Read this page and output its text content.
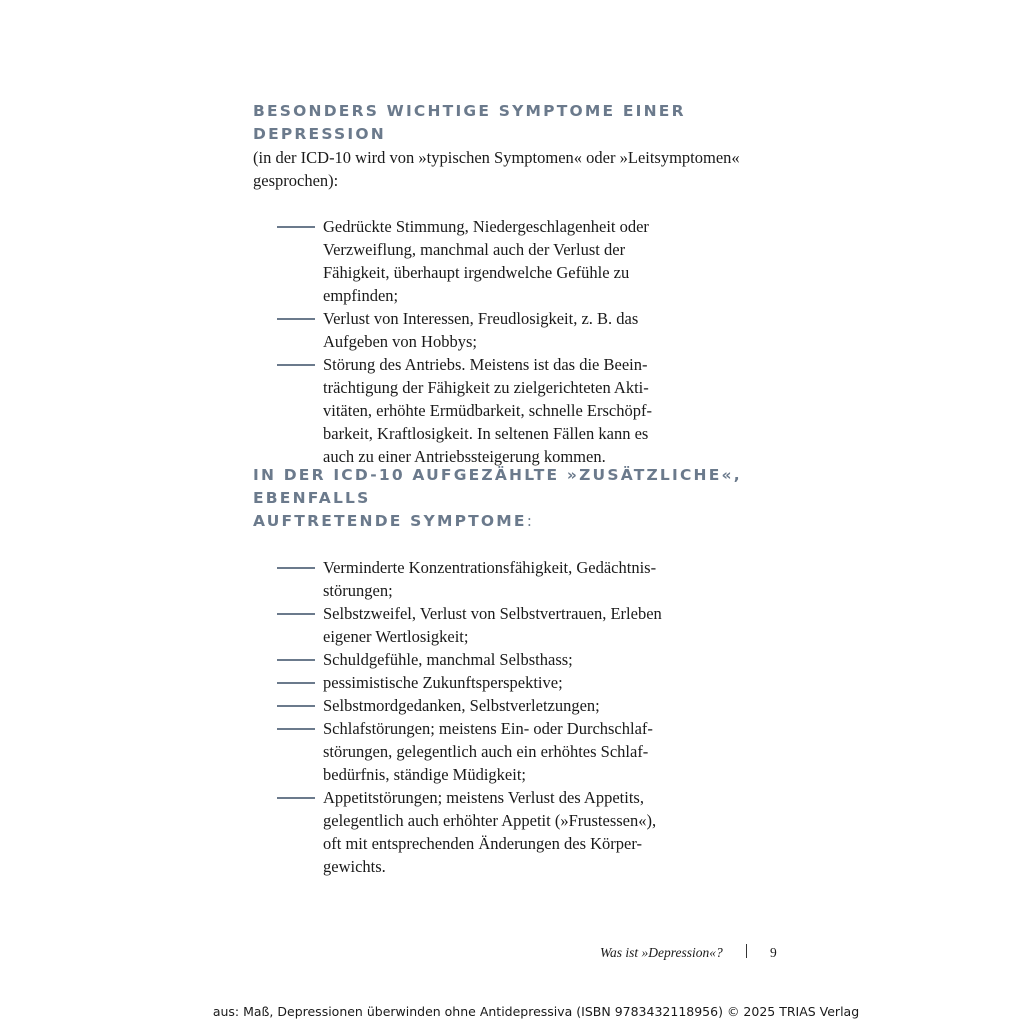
BESONDERS WICHTIGE SYMPTOME EINER DEPRESSION

(in der ICD-10 wird von »typischen Symptomen« oder »Leitsymptomen«
gesprochen):

Gedrückte Stimmung, Niedergeschlagenheit oder
Verzweiflung, manchmal auch der Verlust der
Fähigkeit, überhaupt irgendwelche Gefühle zu
empfinden;
Verlust von Interessen, Freudlosigkeit, z. B. das
Aufgeben von Hobbys;
Störung des Antriebs. Meistens ist das die Beein-
trächtigung der Fähigkeit zu zielgerichteten Akti-
vitäten, erhöhte Ermüdbarkeit, schnelle Erschöpf-
barkeit, Kraftlosigkeit. In seltenen Fällen kann es
auch zu einer Antriebssteigerung kommen.
IN DER ICD-10 AUFGEZÄHLTE »ZUSÄTZLICHE«, EBENFALLS
AUFTRETENDE SYMPTOME:
Verminderte Konzentrationsfähigkeit, Gedächtnis-
störungen;
Selbstzweifel, Verlust von Selbstvertrauen, Erleben
eigener Wertlosigkeit;
Schuldgefühle, manchmal Selbsthass;
pessimistische Zukunftsperspektive;
Selbstmordgedanken, Selbstverletzungen;
Schlafstörungen; meistens Ein- oder Durchschlaf-
störungen, gelegentlich auch ein erhöhtes Schlaf-
bedürfnis, ständige Müdigkeit;
Appetitstörungen; meistens Verlust des Appetits,
gelegentlich auch erhöhter Appetit (»Frustessen«),
oft mit entsprechenden Änderungen des Körper-
gewichts.
Was ist »Depression«?	9
aus: Maß, Depressionen überwinden ohne Antidepressiva (ISBN 9783432118956) © 2025 TRIAS Verlag
